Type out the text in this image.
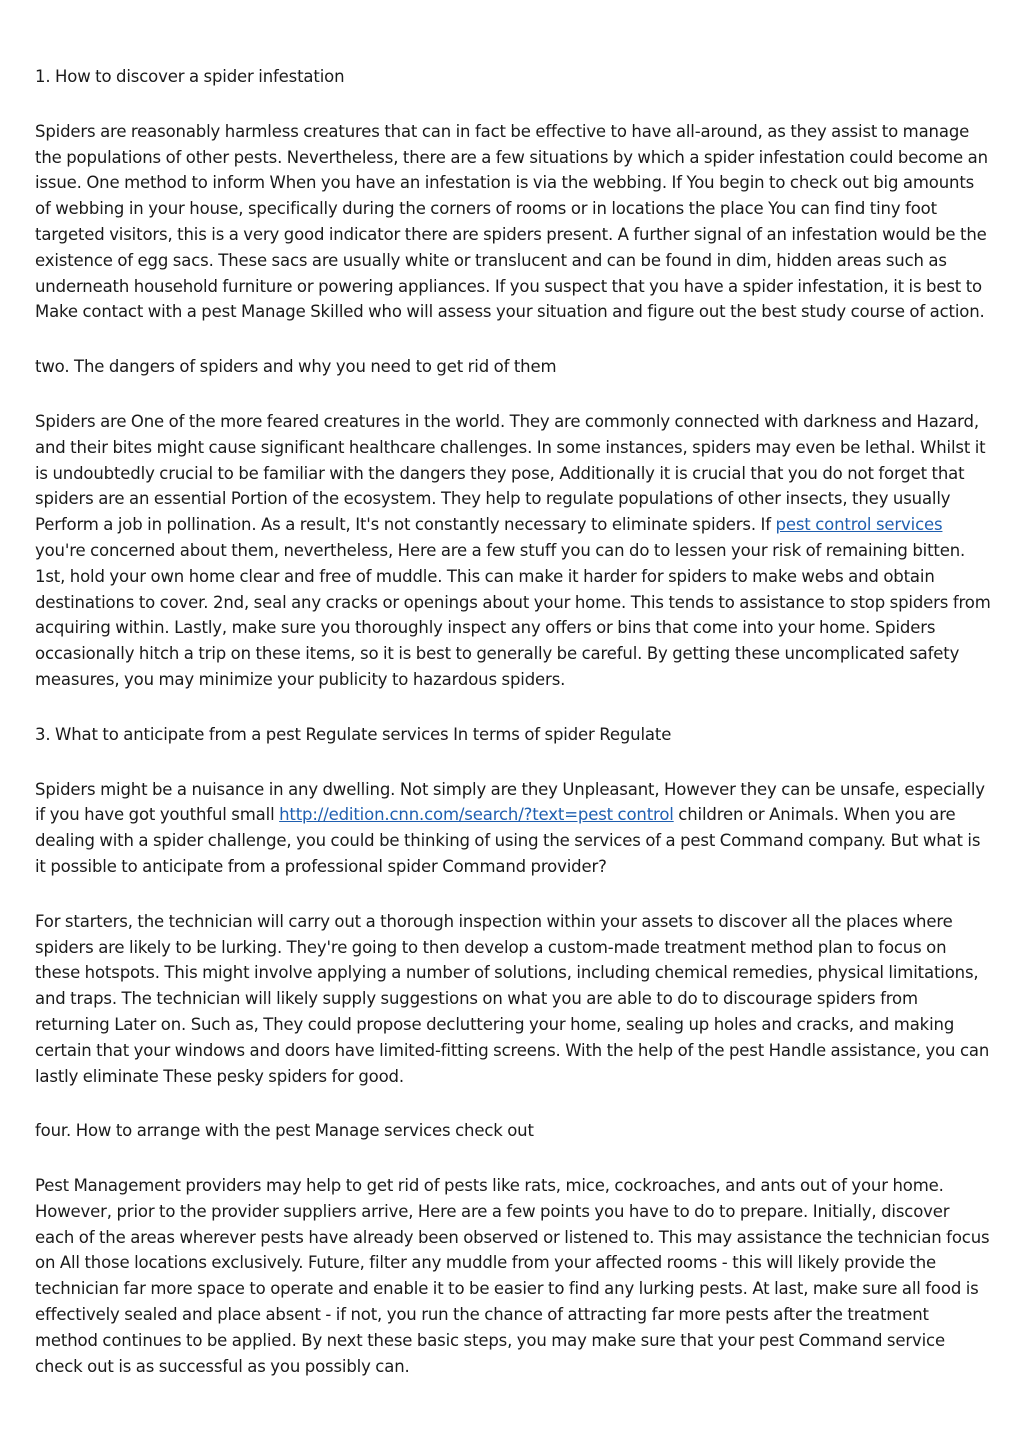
1. How to discover a spider infestation

Spiders are reasonably harmless creatures that can in fact be effective to have all-around, as they assist to manage the populations of other pests. Nevertheless, there are a few situations by which a spider infestation could become an issue. One method to inform When you have an infestation is via the webbing. If You begin to check out big amounts of webbing in your house, specifically during the corners of rooms or in locations the place You can find tiny foot targeted visitors, this is a very good indicator there are spiders present. A further signal of an infestation would be the existence of egg sacs. These sacs are usually white or translucent and can be found in dim, hidden areas such as underneath household furniture or powering appliances. If you suspect that you have a spider infestation, it is best to Make contact with a pest Manage Skilled who will assess your situation and figure out the best study course of action.

two. The dangers of spiders and why you need to get rid of them

Spiders are One of the more feared creatures in the world. They are commonly connected with darkness and Hazard, and their bites might cause significant healthcare challenges. In some instances, spiders may even be lethal. Whilst it is undoubtedly crucial to be familiar with the dangers they pose, Additionally it is crucial that you do not forget that spiders are an essential Portion of the ecosystem. They help to regulate populations of other insects, they usually Perform a job in pollination. As a result, It's not constantly necessary to eliminate spiders. If pest control services you're concerned about them, nevertheless, Here are a few stuff you can do to lessen your risk of remaining bitten. 1st, hold your own home clear and free of muddle. This can make it harder for spiders to make webs and obtain destinations to cover. 2nd, seal any cracks or openings about your home. This tends to assistance to stop spiders from acquiring within. Lastly, make sure you thoroughly inspect any offers or bins that come into your home. Spiders occasionally hitch a trip on these items, so it is best to generally be careful. By getting these uncomplicated safety measures, you may minimize your publicity to hazardous spiders.

3. What to anticipate from a pest Regulate services In terms of spider Regulate

Spiders might be a nuisance in any dwelling. Not simply are they Unpleasant, However they can be unsafe, especially if you have got youthful small http://edition.cnn.com/search/?text=pest control children or Animals. When you are dealing with a spider challenge, you could be thinking of using the services of a pest Command company. But what is it possible to anticipate from a professional spider Command provider?

For starters, the technician will carry out a thorough inspection within your assets to discover all the places where spiders are likely to be lurking. They're going to then develop a custom-made treatment method plan to focus on these hotspots. This might involve applying a number of solutions, including chemical remedies, physical limitations, and traps. The technician will likely supply suggestions on what you are able to do to discourage spiders from returning Later on. Such as, They could propose decluttering your home, sealing up holes and cracks, and making certain that your windows and doors have limited-fitting screens. With the help of the pest Handle assistance, you can lastly eliminate These pesky spiders for good.

four. How to arrange with the pest Manage services check out

Pest Management providers may help to get rid of pests like rats, mice, cockroaches, and ants out of your home. However, prior to the provider suppliers arrive, Here are a few points you have to do to prepare. Initially, discover each of the areas wherever pests have already been observed or listened to. This may assistance the technician focus on All those locations exclusively. Future, filter any muddle from your affected rooms - this will likely provide the technician far more space to operate and enable it to be easier to find any lurking pests. At last, make sure all food is effectively sealed and place absent - if not, you run the chance of attracting far more pests after the treatment method continues to be applied. By next these basic steps, you may make sure that your pest Command service check out is as successful as you possibly can.
